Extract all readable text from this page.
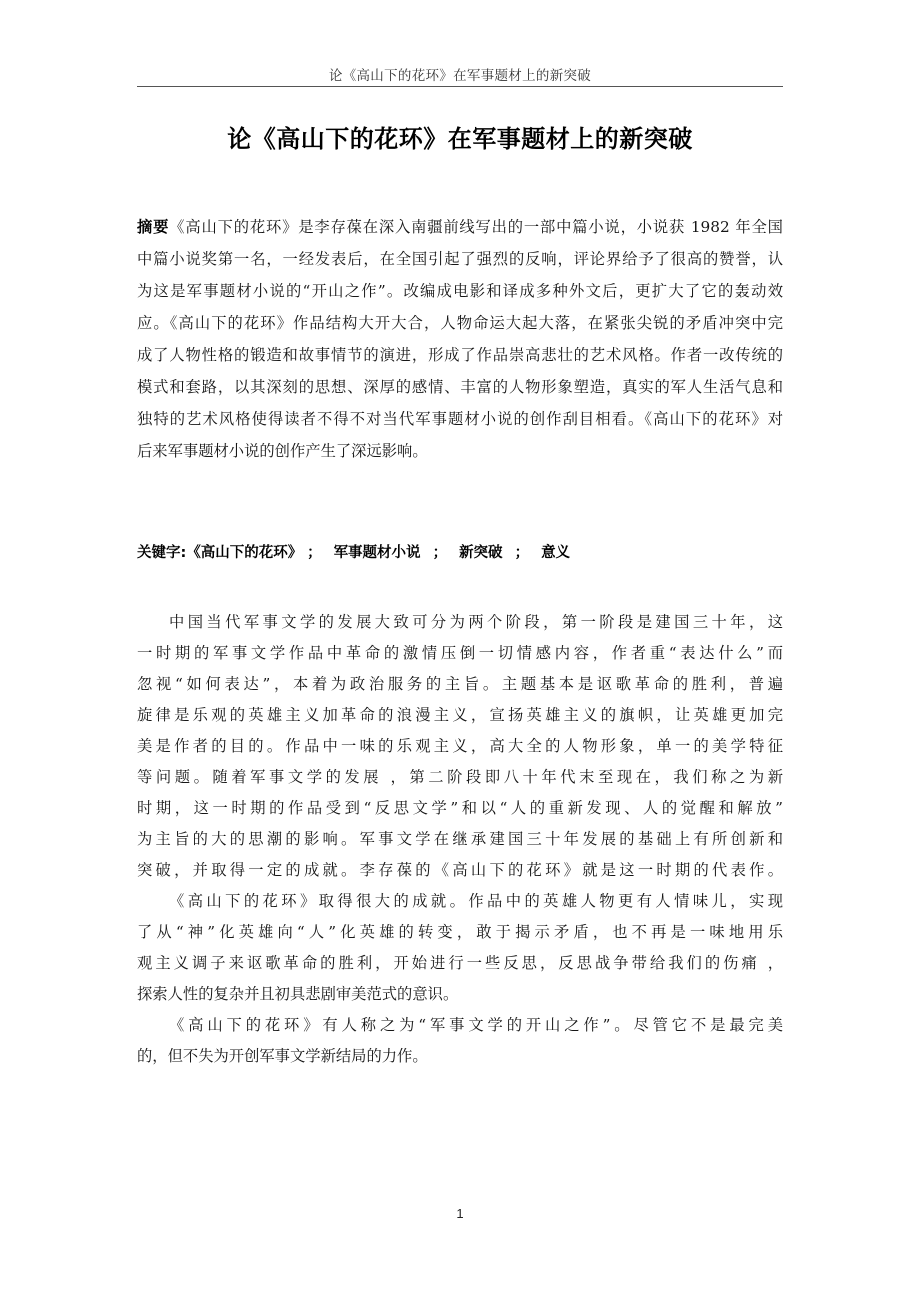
论《高山下的花环》在军事题材上的新突破
论《高山下的花环》在军事题材上的新突破
摘要《高山下的花环》是李存葆在深入南疆前线写出的一部中篇小说，小说获 1982 年全国
中篇小说奖第一名，一经发表后，在全国引起了强烈的反响，评论界给予了很高的赞誉，认
为这是军事题材小说的“开山之作”。改编成电影和译成多种外文后，更扩大了它的轰动效
应。《高山下的花环》作品结构大开大合，人物命运大起大落，在紧张尖锐的矛盾冲突中完
成了人物性格的锻造和故事情节的演进，形成了作品崇高悲壮的艺术风格。作者一改传统的
模式和套路，以其深刻的思想、深厚的感情、丰富的人物形象塑造，真实的军人生活气息和
独特的艺术风格使得读者不得不对当代军事题材小说的创作刮目相看。《高山下的花环》对
后来军事题材小说的创作产生了深远影响。
关键字:《高山下的花环》 ； 军事题材小说 ； 新突破 ； 意义
中国当代军事文学的发展大致可分为两个阶段，第一阶段是建国三十年，这
一时期的军事文学作品中革命的激情压倒一切情感内容，作者重“表达什么”而
忽视“如何表达”，本着为政治服务的主旨。主题基本是讴歌革命的胜利，普遍
旋律是乐观的英雄主义加革命的浪漫主义，宣扬英雄主义的旗帜，让英雄更加完
美是作者的目的。作品中一味的乐观主义，高大全的人物形象，单一的美学特征
等问题。随着军事文学的发展 ，第二阶段即八十年代末至现在，我们称之为新
时期，这一时期的作品受到“反思文学”和以“人的重新发现、人的觉醒和解放”
为主旨的大的思潮的影响。军事文学在继承建国三十年发展的基础上有所创新和
突破，并取得一定的成就。李存葆的《高山下的花环》就是这一时期的代表作。
《高山下的花环》取得很大的成就。作品中的英雄人物更有人情味儿，实现
了从“神”化英雄向“人”化英雄的转变，敢于揭示矛盾，也不再是一味地用乐
观主义调子来讴歌革命的胜利，开始进行一些反思，反思战争带给我们的伤痛 ，
探索人性的复杂并且初具悲剧审美范式的意识。
《高山下的花环》有人称之为“军事文学的开山之作”。尽管它不是最完美
的，但不失为开创军事文学新结局的力作。
1
